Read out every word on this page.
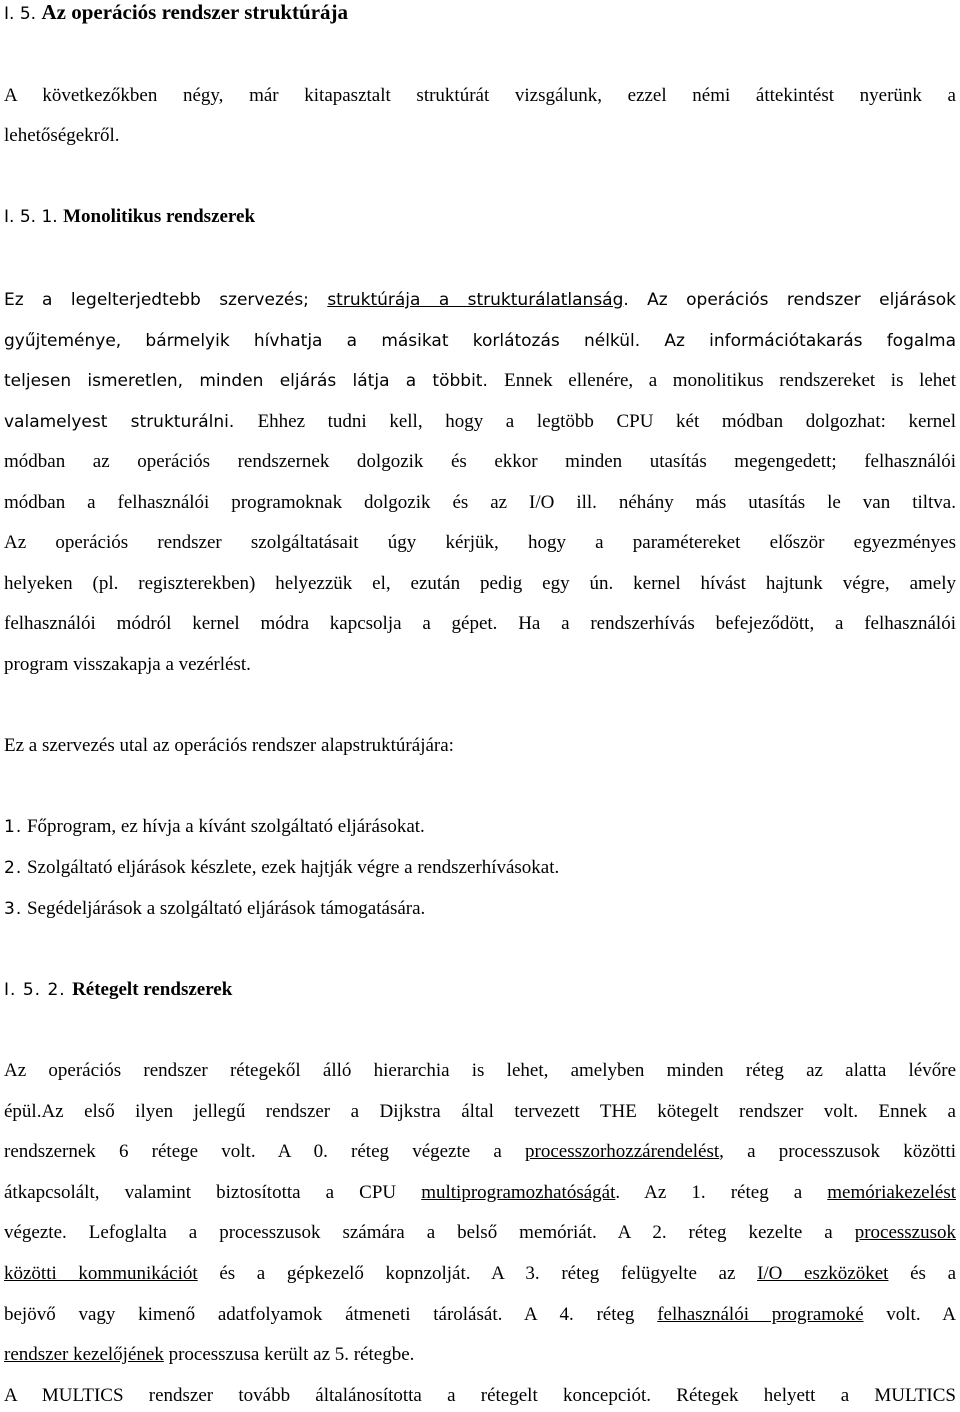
I. 5. Az operációs rendszer struktúrája
A következőkben négy, már kitapasztalt struktúrát vizsgálunk, ezzel némi áttekintést nyerünk a
lehetőségekről.
I. 5. 1. Monolitikus rendszerek
Ez a legelterjedtebb szervezés; struktúrája a strukturálatlanság. Az operációs rendszer eljárások
gyűjteménye, bármelyik hívhatja a másikat korlátozás nélkül. Az információtakarás fogalma
teljesen ismeretlen, minden eljárás látja a többit. Ennek ellenére, a monolitikus rendszereket is lehet
valamelyest strukturálni. Ehhez tudni kell, hogy a legtöbb CPU két módban dolgozhat: kernel
módban az operációs rendszernek dolgozik és ekkor minden utasítás megengedett; felhasználói
módban a felhasználói programoknak dolgozik és az I/O ill. néhány más utasítás le van tiltva.
Az operációs rendszer szolgáltatásait úgy kérjük, hogy a paramétereket először egyezményes
helyeken (pl. regiszterekben) helyezzük el, ezután pedig egy ún. kernel hívást hajtunk végre, amely
felhasználói módról kernel módra kapcsolja a gépet. Ha a rendszerhívás befejeződött, a felhasználói
program visszakapja a vezérlést.
Ez a szervezés utal az operációs rendszer alapstruktúrájára:
1. Főprogram, ez hívja a kívánt szolgáltató eljárásokat.
2. Szolgáltató eljárások készlete, ezek hajtják végre a rendszerhívásokat.
3. Segédeljárások a szolgáltató eljárások támogatására.
I. 5. 2. Rétegelt rendszerek
Az operációs rendszer rétegekől álló hierarchia is lehet, amelyben minden réteg az alatta lévőre
épül.Az első ilyen jellegű rendszer a Dijkstra által tervezett THE kötegelt rendszer volt. Ennek a
rendszernek 6 rétege volt. A 0. réteg végezte a processzorhozzárendelést, a processzusok közötti
átkapcsolált, valamint biztosította a CPU multiprogramozhatóságát. Az 1. réteg a memóriakezelést
végezte. Lefoglalta a processzusok számára a belső memóriát. A 2. réteg kezelte a processzusok
közötti kommunikációt és a gépkezelő kopnzolját. A 3. réteg felügyelte az I/O eszközöket és a
bejövő vagy kimenő adatfolyamok átmeneti tárolását. A 4. réteg felhasználói programoké volt. A
rendszer kezelőjének processzusa került az 5. rétegbe.
A MULTICS rendszer tovább általánosította a rétegelt koncepciót. Rétegek helyett a MULTICS
